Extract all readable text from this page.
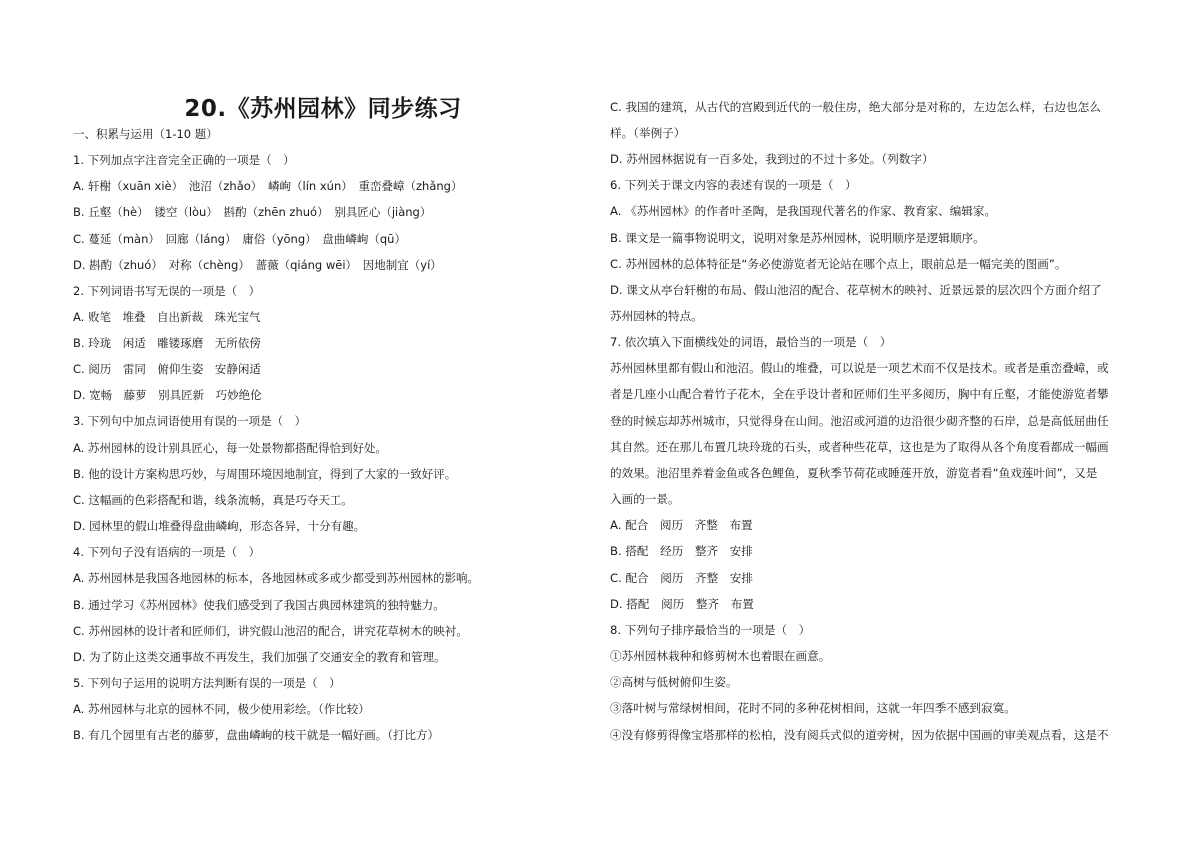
20.《苏州园林》同步练习
一、积累与运用（1-10 题）
1. 下列加点字注音完全正确的一项是（　）
A. 轩榭（xuān xiè）　池沼（zhǎo）　嶙峋（lín xún）　重峦叠嶂（zhǎng）
B. 丘壑（hè）　镂空（lòu）　斟酌（zhēn zhuó）　别具匠心（jiàng）
C. 蔓延（màn）　回廊（láng）　庸俗（yōng）　盘曲嶙峋（qū）
D. 斟酌（zhuó）　对称（chèng）　蔷薇（qiáng wēi）　因地制宜（yí）
2. 下列词语书写无误的一项是（　）
A. 败笔　堆叠　自出新裁　珠光宝气
B. 玲珑　闲适　雕镂琢磨　无所依傍
C. 阅历　雷同　俯仰生姿　安静闲适
D. 宽畅　藤萝　别具匠新　巧妙绝伦
3. 下列句中加点词语使用有误的一项是（　）
A. 苏州园林的设计别具匠心，每一处景物都搭配得恰到好处。
B. 他的设计方案构思巧妙，与周围环境因地制宜，得到了大家的一致好评。
C. 这幅画的色彩搭配和谐，线条流畅，真是巧夺天工。
D. 园林里的假山堆叠得盘曲嶙峋，形态各异，十分有趣。
4. 下列句子没有语病的一项是（　）
A. 苏州园林是我国各地园林的标本，各地园林或多或少都受到苏州园林的影响。
B. 通过学习《苏州园林》使我们感受到了我国古典园林建筑的独特魅力。
C. 苏州园林的设计者和匠师们，讲究假山池沼的配合，讲究花草树木的映衬。
D. 为了防止这类交通事故不再发生，我们加强了交通安全的教育和管理。
5. 下列句子运用的说明方法判断有误的一项是（　）
A. 苏州园林与北京的园林不同，极少使用彩绘。（作比较）
B. 有几个园里有古老的藤萝，盘曲嶙峋的枝干就是一幅好画。（打比方）
C. 我国的建筑，从古代的宫殿到近代的一般住房，绝大部分是对称的，左边怎么样，右边也怎么
样。（举例子）
D. 苏州园林据说有一百多处，我到过的不过十多处。（列数字）
6. 下列关于课文内容的表述有误的一项是（　）
A. 《苏州园林》的作者叶圣陶，是我国现代著名的作家、教育家、编辑家。
B. 课文是一篇事物说明文，说明对象是苏州园林，说明顺序是逻辑顺序。
C. 苏州园林的总体特征是“务必使游览者无论站在哪个点上，眼前总是一幅完美的图画”。
D. 课文从亭台轩榭的布局、假山池沼的配合、花草树木的映衬、近景远景的层次四个方面介绍了
苏州园林的特点。
7. 依次填入下面横线处的词语，最恰当的一项是（　）
苏州园林里都有假山和池沼。假山的堆叠，可以说是一项艺术而不仅是技术。或者是重峦叠嶂，或
者是几座小山配合着竹子花木，全在乎设计者和匠师们生平多阅历，胸中有丘壑，才能使游览者攀
登的时候忘却苏州城市，只觉得身在山间。池沼或河道的边沿很少砌齐整的石岸，总是高低屈曲任
其自然。还在那儿布置几块玲珑的石头，或者种些花草，这也是为了取得从各个角度看都成一幅画
的效果。池沼里养着金鱼或各色鲤鱼，夏秋季节荷花或睡莲开放，游览者看“鱼戏莲叶间”，又是
入画的一景。
A. 配合　阅历　齐整　布置
B. 搭配　经历　整齐　安排
C. 配合　阅历　齐整　安排
D. 搭配　阅历　整齐　布置
8. 下列句子排序最恰当的一项是（　）
①苏州园林栽种和修剪树木也着眼在画意。
②高树与低树俯仰生姿。
③落叶树与常绿树相间，花时不同的多种花树相间，这就一年四季不感到寂寞。
④没有修剪得像宝塔那样的松柏，没有阅兵式似的道旁树，因为依据中国画的审美观点看，这是不
